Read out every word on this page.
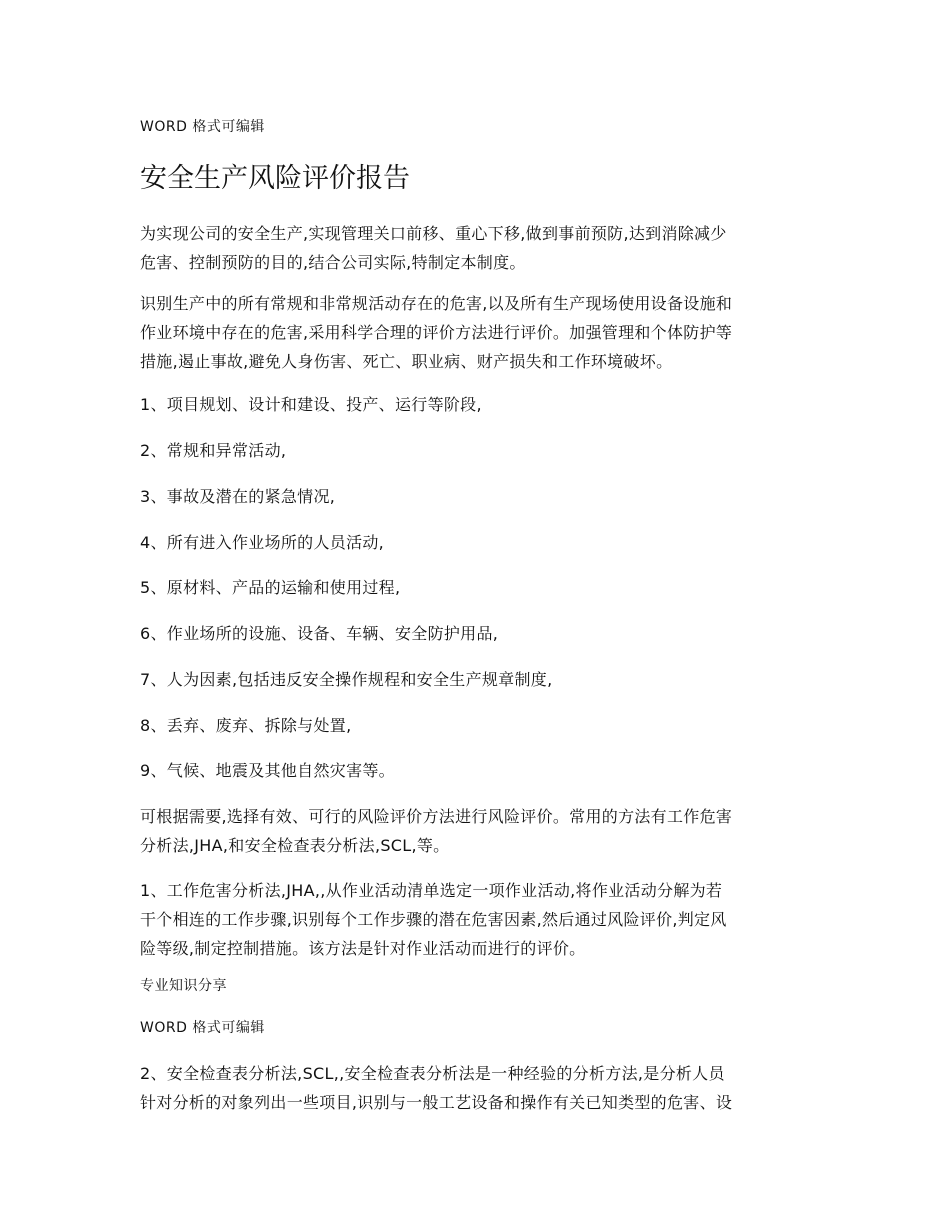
WORD 格式可编辑
安全生产风险评价报告
为实现公司的安全生产,实现管理关口前移、重心下移,做到事前预防,达到消除减少
危害、控制预防的目的,结合公司实际,特制定本制度。
识别生产中的所有常规和非常规活动存在的危害,以及所有生产现场使用设备设施和
作业环境中存在的危害,采用科学合理的评价方法进行评价。加强管理和个体防护等
措施,遏止事故,避免人身伤害、死亡、职业病、财产损失和工作环境破坏。
1、项目规划、设计和建设、投产、运行等阶段,
2、常规和异常活动,
3、事故及潜在的紧急情况,
4、所有进入作业场所的人员活动,
5、原材料、产品的运输和使用过程,
6、作业场所的设施、设备、车辆、安全防护用品,
7、人为因素,包括违反安全操作规程和安全生产规章制度,
8、丢弃、废弃、拆除与处置,
9、气候、地震及其他自然灾害等。
可根据需要,选择有效、可行的风险评价方法进行风险评价。常用的方法有工作危害
分析法,JHA,和安全检查表分析法,SCL,等。
1、工作危害分析法,JHA,,从作业活动清单选定一项作业活动,将作业活动分解为若
干个相连的工作步骤,识别每个工作步骤的潜在危害因素,然后通过风险评价,判定风
险等级,制定控制措施。该方法是针对作业活动而进行的评价。
专业知识分享
WORD 格式可编辑
2、安全检查表分析法,SCL,,安全检查表分析法是一种经验的分析方法,是分析人员
针对分析的对象列出一些项目,识别与一般工艺设备和操作有关已知类型的危害、设
